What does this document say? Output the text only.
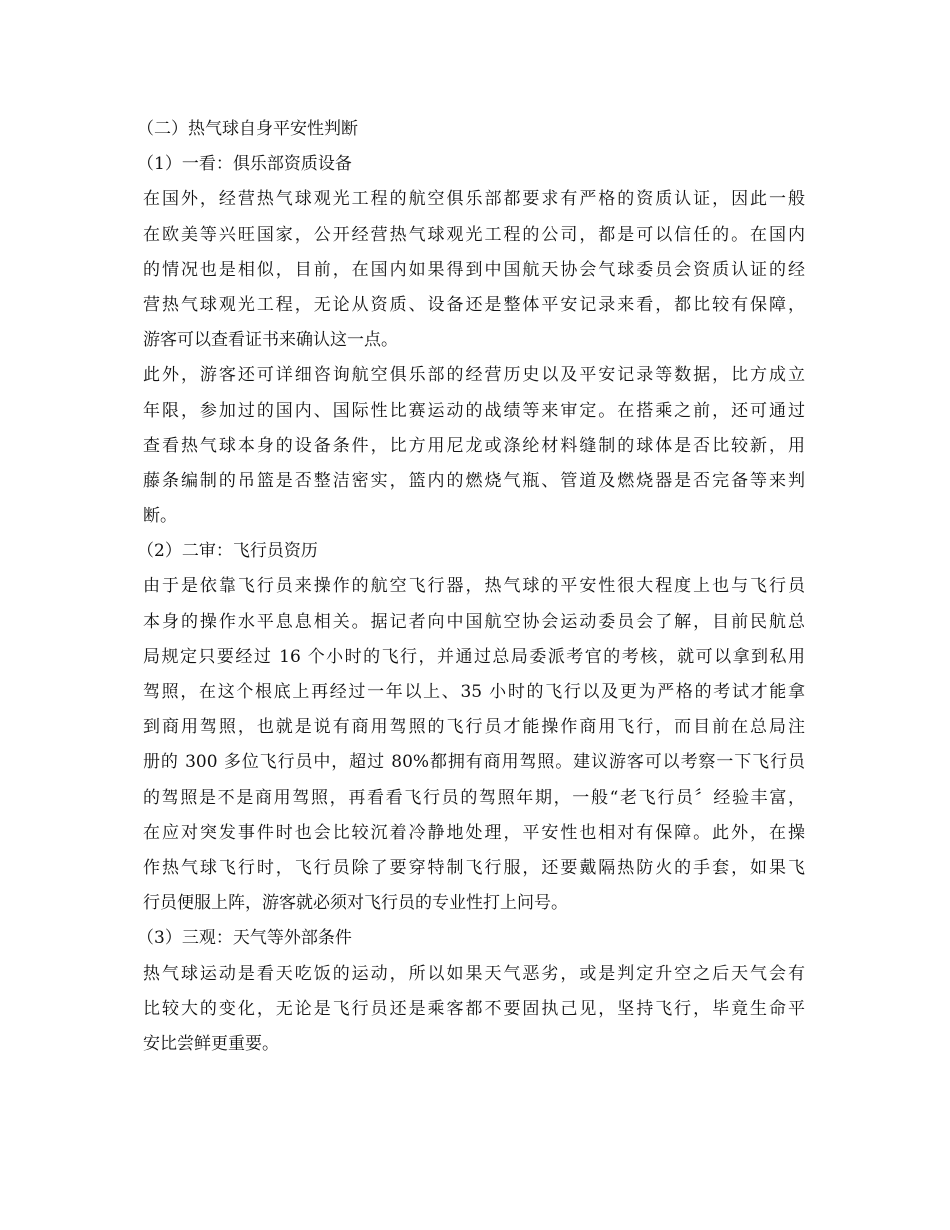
（二）热气球自身平安性判断
（1）一看：俱乐部资质设备
在国外，经营热气球观光工程的航空俱乐部都要求有严格的资质认证，因此一般
在欧美等兴旺国家，公开经营热气球观光工程的公司，都是可以信任的。在国内
的情况也是相似，目前，在国内如果得到中国航天协会气球委员会资质认证的经
营热气球观光工程，无论从资质、设备还是整体平安记录来看，都比较有保障，
游客可以查看证书来确认这一点。
此外，游客还可详细咨询航空俱乐部的经营历史以及平安记录等数据，比方成立
年限，参加过的国内、国际性比赛运动的战绩等来审定。在搭乘之前，还可通过
查看热气球本身的设备条件，比方用尼龙或涤纶材料缝制的球体是否比较新，用
藤条编制的吊篮是否整洁密实，篮内的燃烧气瓶、管道及燃烧器是否完备等来判
断。
（2）二审：飞行员资历
由于是依靠飞行员来操作的航空飞行器，热气球的平安性很大程度上也与飞行员
本身的操作水平息息相关。据记者向中国航空协会运动委员会了解，目前民航总
局规定只要经过 16 个小时的飞行，并通过总局委派考官的考核，就可以拿到私用
驾照，在这个根底上再经过一年以上、35 小时的飞行以及更为严格的考试才能拿
到商用驾照，也就是说有商用驾照的飞行员才能操作商用飞行，而目前在总局注
册的 300 多位飞行员中，超过 80%都拥有商用驾照。建议游客可以考察一下飞行员
的驾照是不是商用驾照，再看看飞行员的驾照年期，一般“老飞行员〞经验丰富，
在应对突发事件时也会比较沉着冷静地处理，平安性也相对有保障。此外，在操
作热气球飞行时，飞行员除了要穿特制飞行服，还要戴隔热防火的手套，如果飞
行员便服上阵，游客就必须对飞行员的专业性打上问号。
（3）三观：天气等外部条件
热气球运动是看天吃饭的运动，所以如果天气恶劣，或是判定升空之后天气会有
比较大的变化，无论是飞行员还是乘客都不要固执己见，坚持飞行，毕竟生命平
安比尝鲜更重要。
